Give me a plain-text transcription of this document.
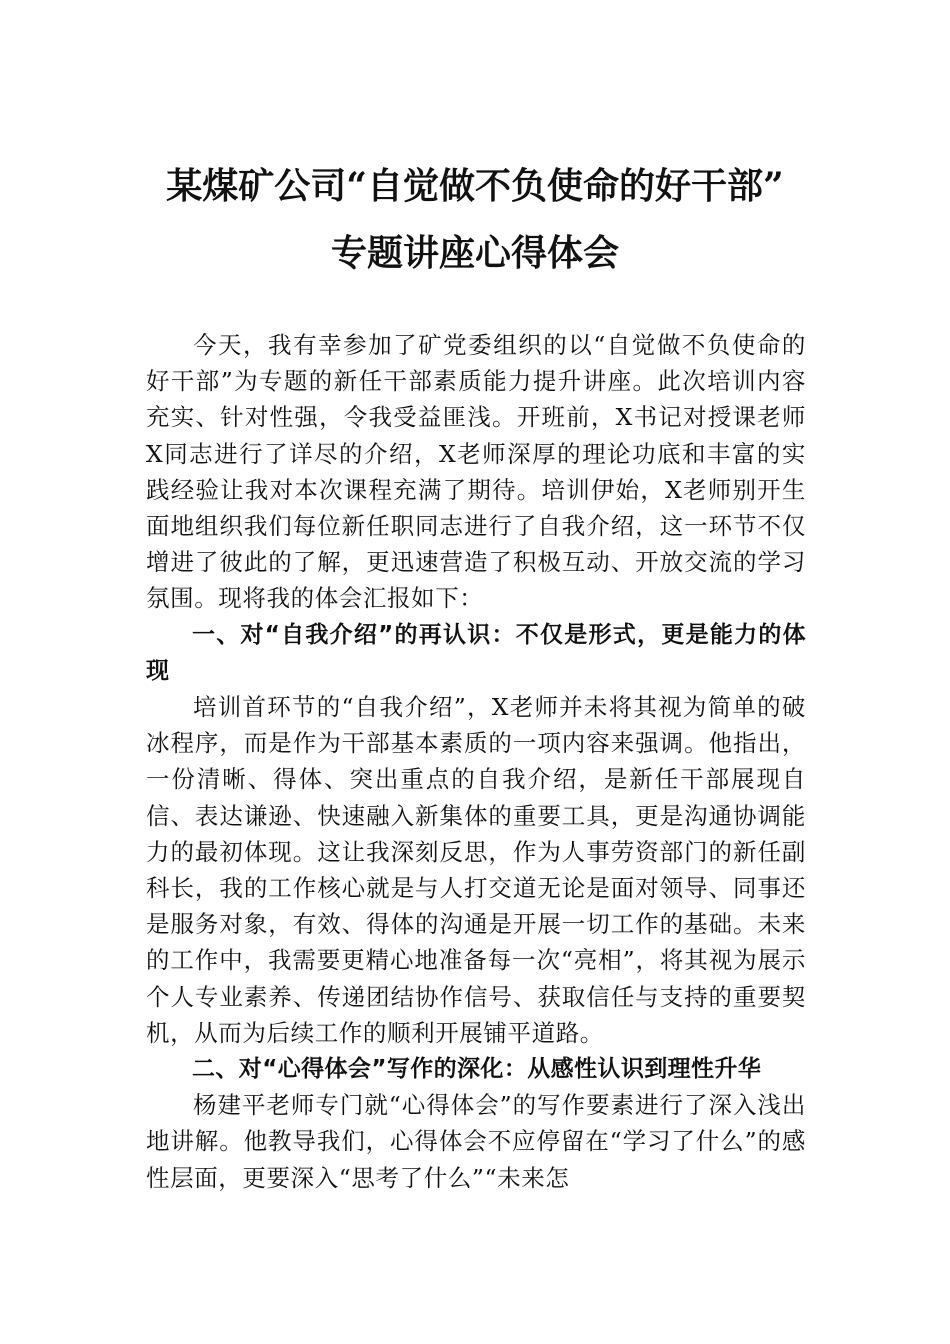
某煤矿公司“自觉做不负使命的好干部”
专题讲座心得体会

今天，我有幸参加了矿党委组织的以“自觉做不负使命的好干部”为专题的新任干部素质能力提升讲座。此次培训内容充实、针对性强，令我受益匪浅。开班前，X书记对授课老师X同志进行了详尽的介绍，X老师深厚的理论功底和丰富的实践经验让我对本次课程充满了期待。培训伊始，X老师别开生面地组织我们每位新任职同志进行了自我介绍，这一环节不仅增进了彼此的了解，更迅速营造了积极互动、开放交流的学习氛围。现将我的体会汇报如下：

一、对“自我介绍”的再认识：不仅是形式，更是能力的体现

培训首环节的“自我介绍”，X老师并未将其视为简单的破冰程序，而是作为干部基本素质的一项内容来强调。他指出，一份清晰、得体、突出重点的自我介绍，是新任干部展现自信、表达谦逊、快速融入新集体的重要工具，更是沟通协调能力的最初体现。这让我深刻反思，作为人事劳资部门的新任副科长，我的工作核心就是与人打交道无论是面对领导、同事还是服务对象，有效、得体的沟通是开展一切工作的基础。未来的工作中，我需要更精心地准备每一次“亮相”，将其视为展示个人专业素养、传递团结协作信号、获取信任与支持的重要契机，从而为后续工作的顺利开展铺平道路。

二、对“心得体会”写作的深化：从感性认识到理性升华

杨建平老师专门就“心得体会”的写作要素进行了深入浅出地讲解。他教导我们，心得体会不应停留在“学习了什么”的感性层面，更要深入“思考了什么”“未来怎
